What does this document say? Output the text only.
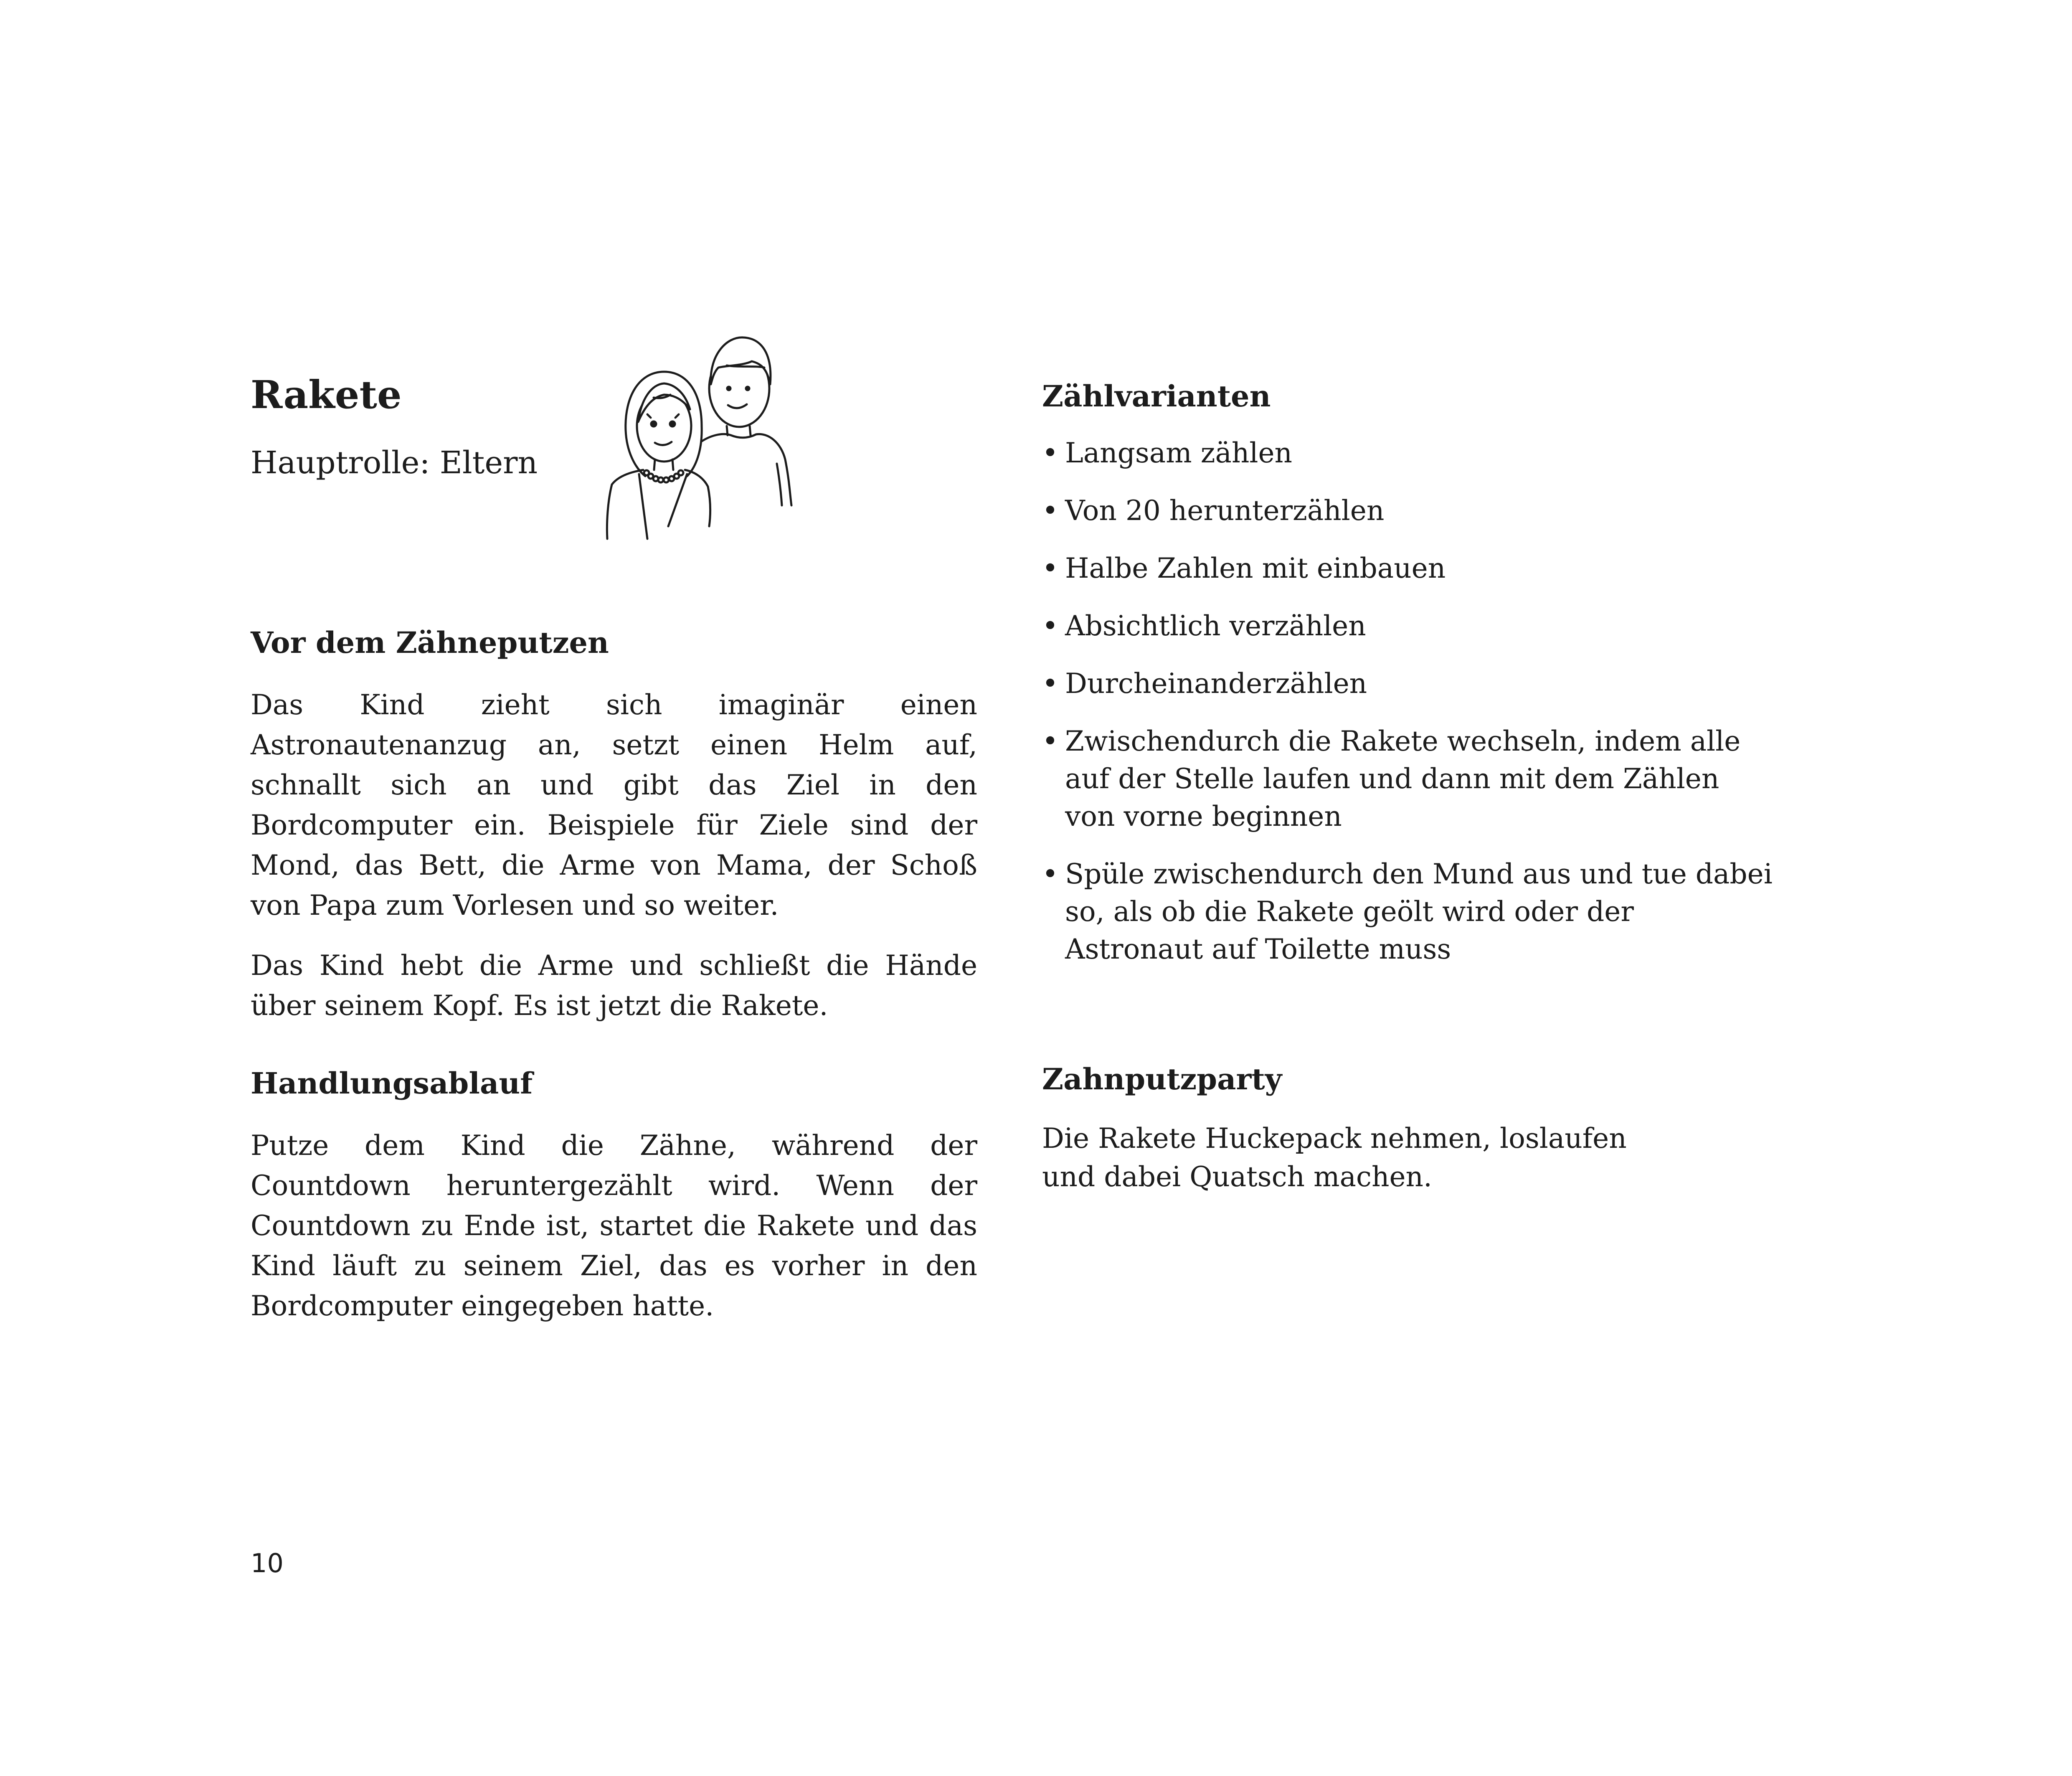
Rakete
Hauptrolle: Eltern
Vor dem Zähneputzen

Das Kind zieht sich imaginär einen Astronautenanzug an, setzt einen Helm auf, schnallt sich an und gibt das Ziel in den Bordcomputer ein. Beispiele für Ziele sind der Mond, das Bett, die Arme von Mama, der Schoß von Papa zum Vorlesen und so weiter.

Das Kind hebt die Arme und schließt die Hände über seinem Kopf. Es ist jetzt die Rakete.

Handlungsablauf

Putze dem Kind die Zähne, während der Countdown heruntergezählt wird. Wenn der Countdown zu Ende ist, startet die Rakete und das Kind läuft zu seinem Ziel, das es vorher in den Bordcomputer eingegeben hatte.

Zählvarianten
• Langsam zählen
• Von 20 herunterzählen
• Halbe Zahlen mit einbauen
• Absichtlich verzählen
• Durcheinanderzählen
• Zwischendurch die Rakete wechseln, indem alle auf der Stelle laufen und dann mit dem Zählen von vorne beginnen
• Spüle zwischendurch den Mund aus und tue dabei so, als ob die Rakete geölt wird oder der Astronaut auf Toilette muss
Zahnputzparty

Die Rakete Huckepack nehmen, loslaufen und dabei Quatsch machen.

10
